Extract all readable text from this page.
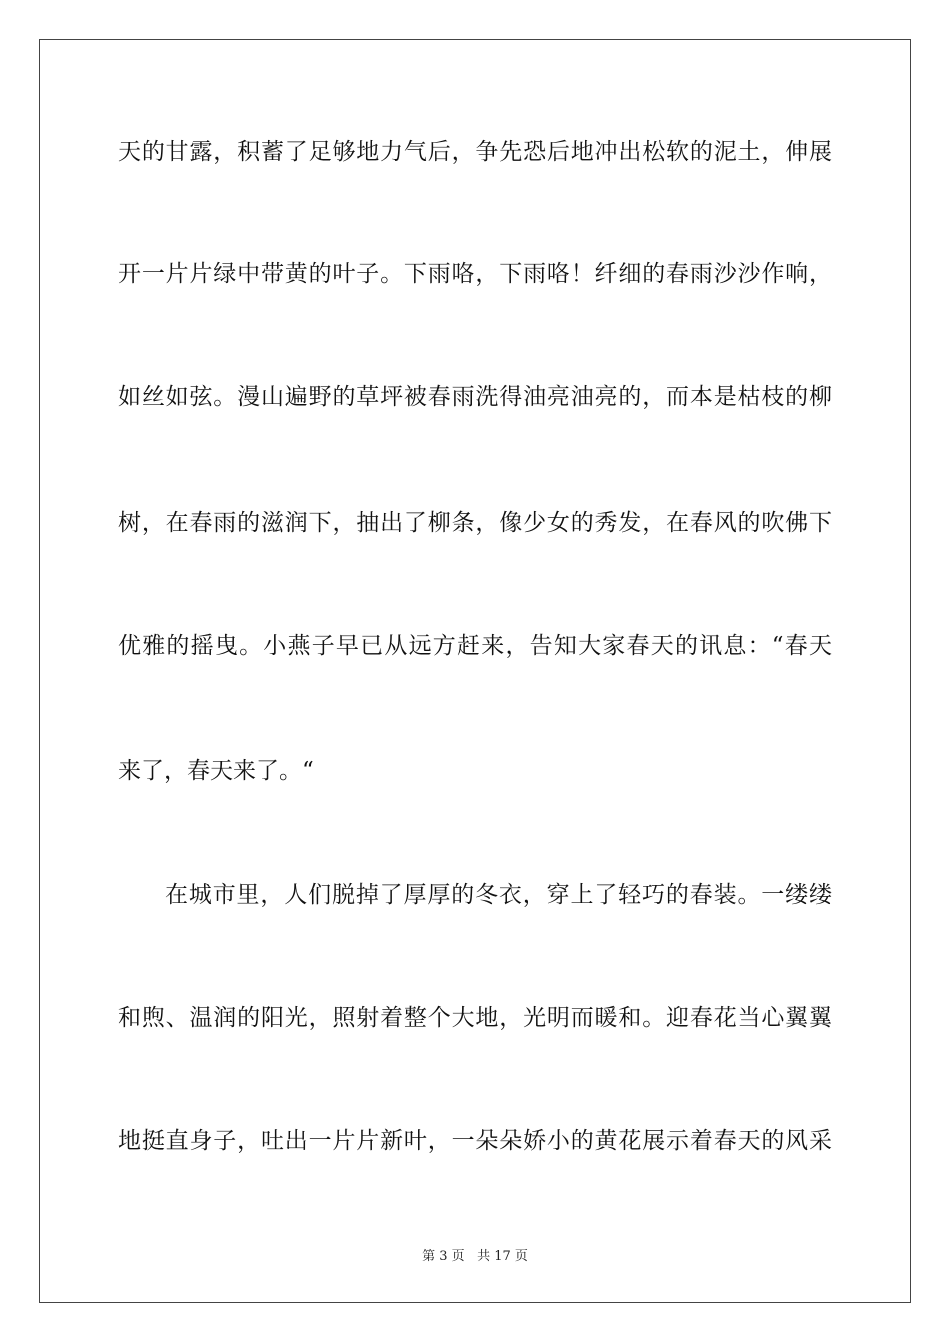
天的甘露，积蓄了足够地力气后，争先恐后地冲出松软的泥土，伸展
开一片片绿中带黄的叶子。下雨咯，下雨咯！纤细的春雨沙沙作响，
如丝如弦。漫山遍野的草坪被春雨洗得油亮油亮的，而本是枯枝的柳
树，在春雨的滋润下，抽出了柳条，像少女的秀发，在春风的吹佛下
优雅的摇曳。小燕子早已从远方赶来，告知大家春天的讯息：“春天
来了，春天来了。“
在城市里，人们脱掉了厚厚的冬衣，穿上了轻巧的春装。一缕缕
和煦、温润的阳光，照射着整个大地，光明而暖和。迎春花当心翼翼
地挺直身子，吐出一片片新叶，一朵朵娇小的黄花展示着春天的风采
第 3 页 共 17 页
